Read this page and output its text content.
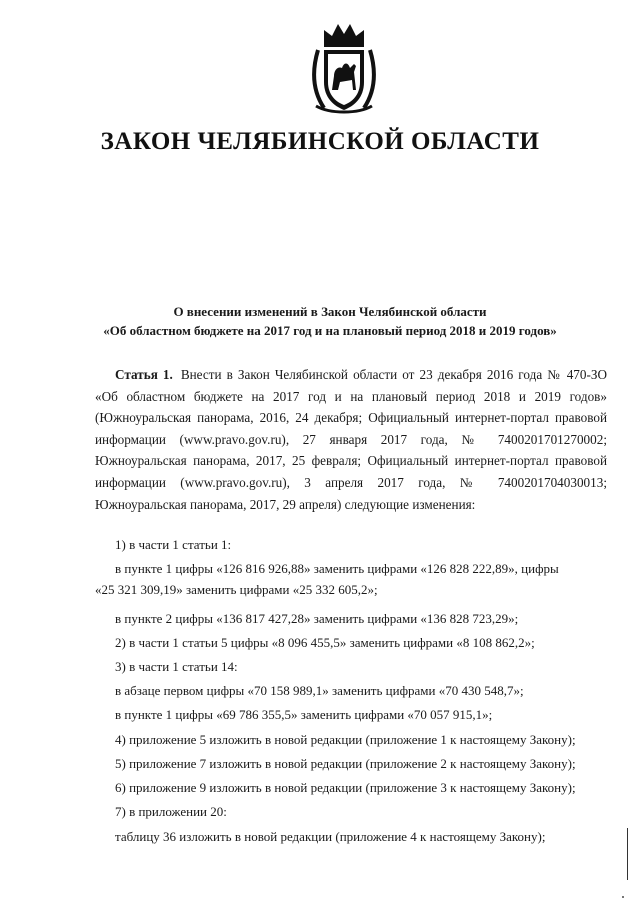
ЗАКОН ЧЕЛЯБИНСКОЙ ОБЛАСТИ
О внесении изменений в Закон Челябинской области
«Об областном бюджете на 2017 год и на плановый период 2018 и 2019 годов»
Статья 1. Внести в Закон Челябинской области от 23 декабря 2016 года № 470-ЗО «Об областном бюджете на 2017 год и на плановый период 2018 и 2019 годов» (Южноуральская панорама, 2016, 24 декабря; Официальный интернет-портал правовой информации (www.pravo.gov.ru), 27 января 2017 года, № 7400201701270002; Южноуральская панорама, 2017, 25 февраля; Официальный интернет-портал правовой информации (www.pravo.gov.ru), 3 апреля 2017 года, № 7400201704030013; Южноуральская панорама, 2017, 29 апреля) следующие изменения:
1) в части 1 статьи 1:
в пункте 1 цифры «126 816 926,88» заменить цифрами «126 828 222,89», цифры
«25 321 309,19» заменить цифрами «25 332 605,2»;
в пункте 2 цифры «136 817 427,28» заменить цифрами «136 828 723,29»;
2) в части 1 статьи 5 цифры «8 096 455,5» заменить цифрами «8 108 862,2»;
3) в части 1 статьи 14:
в абзаце первом цифры «70 158 989,1» заменить цифрами «70 430 548,7»;
в пункте 1 цифры «69 786 355,5» заменить цифрами «70 057 915,1»;
4) приложение 5 изложить в новой редакции (приложение 1 к настоящему Закону);
5) приложение 7 изложить в новой редакции (приложение 2 к настоящему Закону);
6) приложение 9 изложить в новой редакции (приложение 3 к настоящему Закону);
7) в приложении 20:
таблицу 36 изложить в новой редакции (приложение 4 к настоящему Закону);
